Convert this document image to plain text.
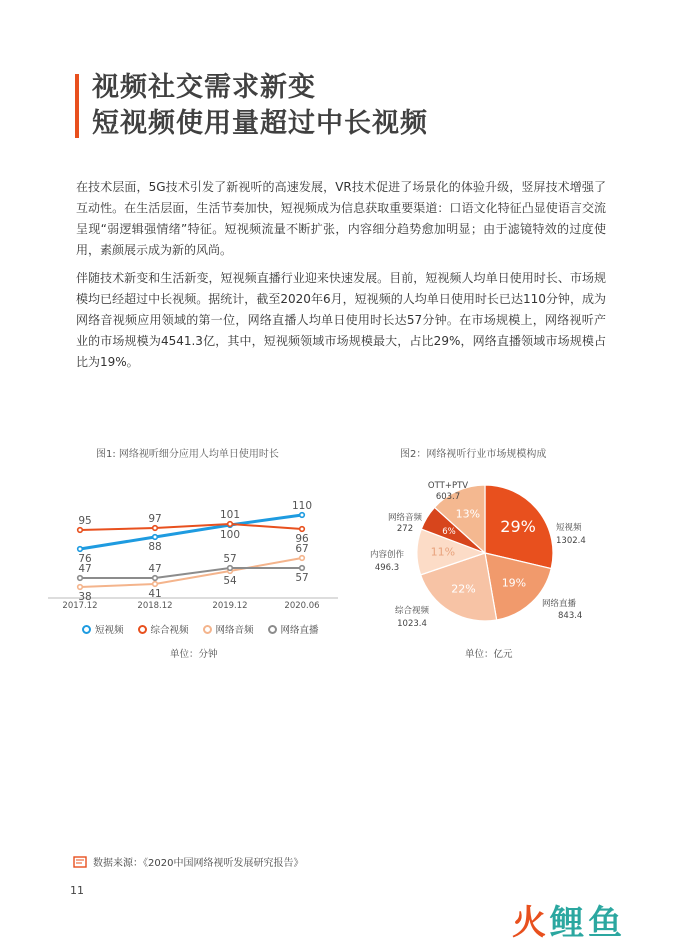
视频社交需求新变
短视频使用量超过中长视频
在技术层面，5G技术引发了新视听的高速发展，VR技术促进了场景化的体验升级，竖屏技术增强了互动性。在生活层面，生活节奏加快，短视频成为信息获取重要渠道：口语文化特征凸显使语言交流呈现“弱逻辑强情绪”特征。短视频流量不断扩张，内容细分趋势愈加明显；由于滤镜特效的过度使用，素颜展示成为新的风尚。
伴随技术新变和生活新变，短视频直播行业迎来快速发展。目前，短视频人均单日使用时长、市场规模均已经超过中长视频。据统计，截至2020年6月，短视频的人均单日使用时长已达110分钟，成为网络音视频应用领域的第一位，网络直播人均单日使用时长达57分钟。在市场规模上，网络视听产业的市场规模为4541.3亿，其中，短视频领域市场规模最大，占比29%，网络直播领域市场规模占比为19%。
图1: 网络视听细分应用人均单日使用时长	图2：网络视听行业市场规模构成
2017.12	2018.12	2019.12	2020.06
76
88
100
110
95	97	101
96
38	41
54
67
47	47
57
57
29% 短视频
1302.4
19%
网络直播
843.4
22%
综合视频
1023.4
11%
内容创作
496.3
6%
网络音频
272
13%
OTT+PTV
603.7
短视频	综合视频	网络音频	网络直播
单位：分钟	单位：亿元
数据来源：《2020中国网络视听发展研究报告》
11
火鲤鱼
